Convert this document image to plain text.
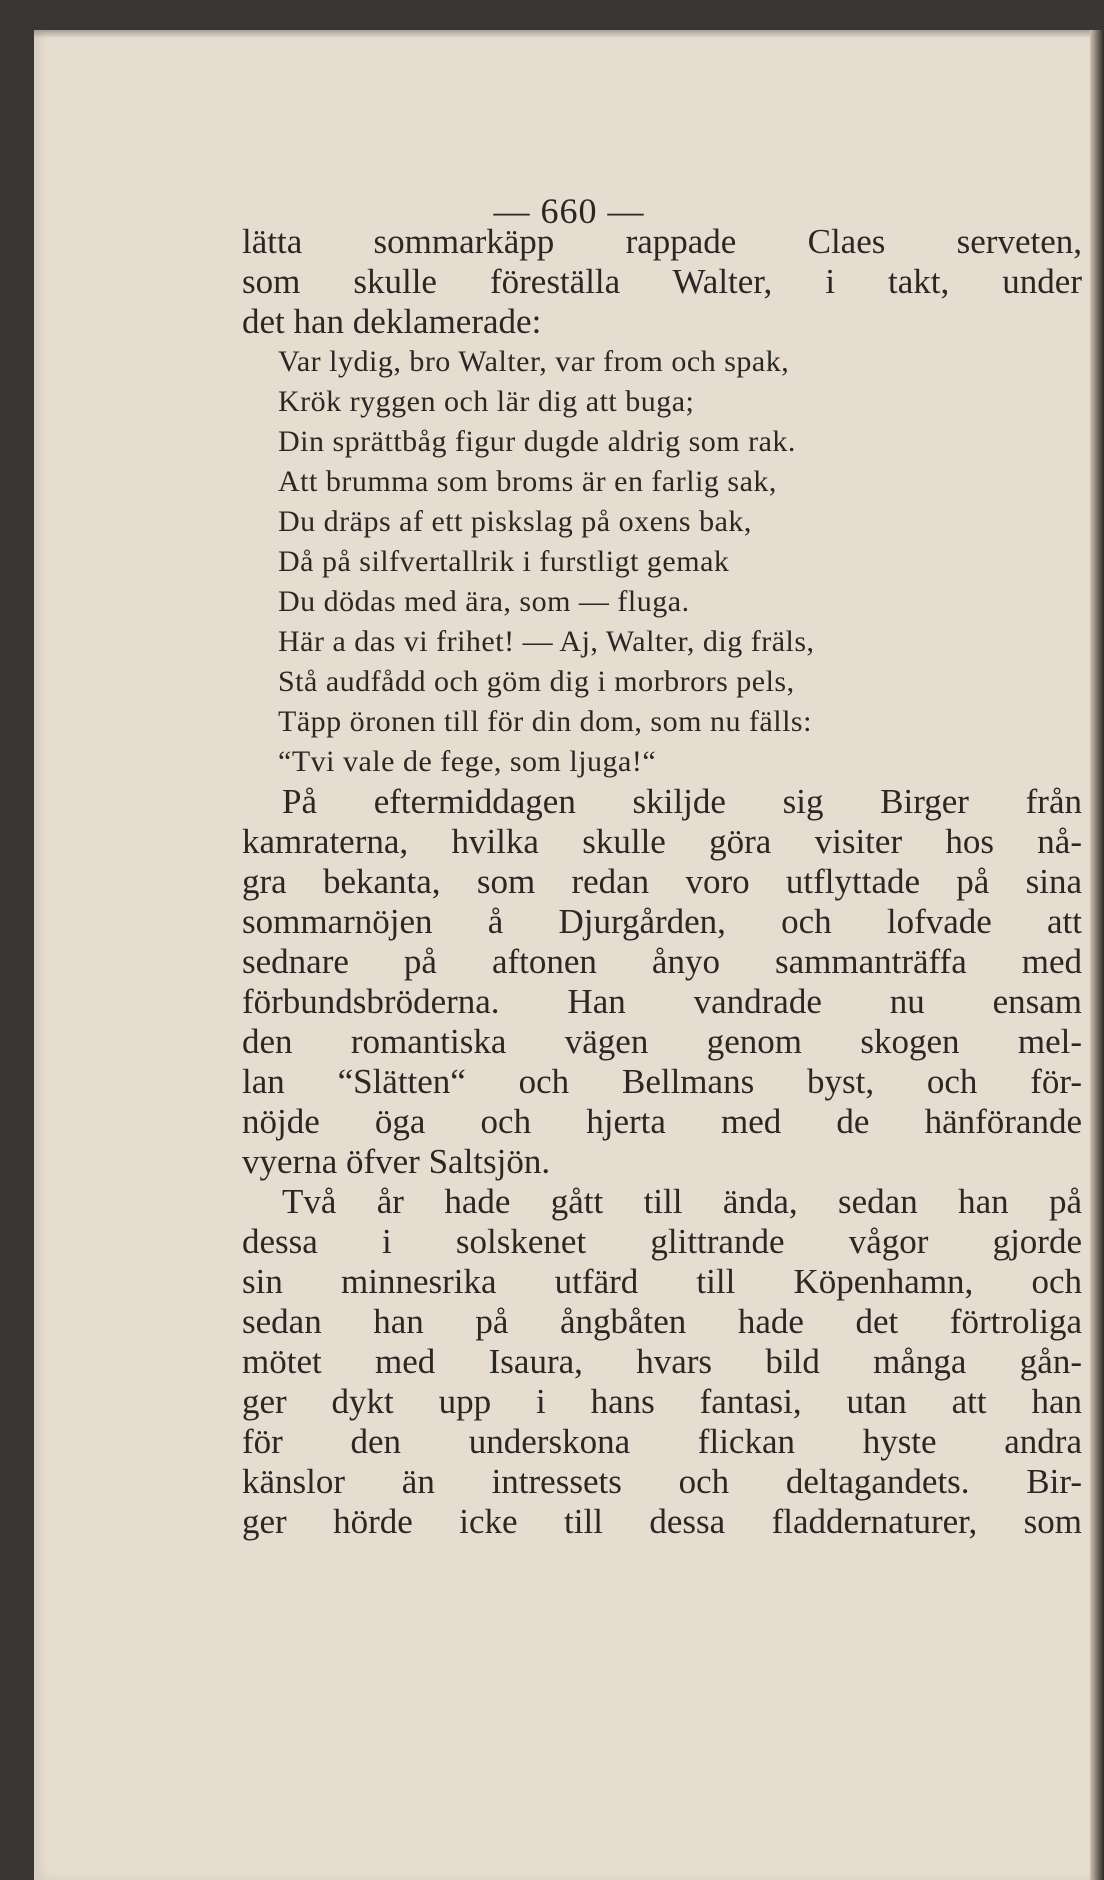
— 660 —
lätta sommarkäpp rappade Claes serveten,
som skulle föreställa Walter, i takt, under
det han deklamerade:
Var lydig, bro Walter, var from och spak,
Krök ryggen och lär dig att buga;
Din sprättbåg figur dugde aldrig som rak.
Att brumma som broms är en farlig sak,
Du dräps af ett piskslag på oxens bak,
Då på silfvertallrik i furstligt gemak
Du dödas med ära, som — fluga.
Här a das vi frihet! — Aj, Walter, dig fräls,
Stå audfådd och göm dig i morbrors pels,
Täpp öronen till för din dom, som nu fälls:
“Tvi vale de fege, som ljuga!“
På eftermiddagen skiljde sig Birger från
kamraterna, hvilka skulle göra visiter hos nå-
gra bekanta, som redan voro utflyttade på sina
sommarnöjen å Djurgården, och lofvade att
sednare på aftonen ånyo sammanträffa med
förbundsbröderna. Han vandrade nu ensam
den romantiska vägen genom skogen mel-
lan “Slätten“ och Bellmans byst, och för-
nöjde öga och hjerta med de hänförande
vyerna öfver Saltsjön.
Två år hade gått till ända, sedan han på
dessa i solskenet glittrande vågor gjorde
sin minnesrika utfärd till Köpenhamn, och
sedan han på ångbåten hade det förtroliga
mötet med Isaura, hvars bild många gån-
ger dykt upp i hans fantasi, utan att han
för den underskona flickan hyste andra
känslor än intressets och deltagandets. Bir-
ger hörde icke till dessa fladdernaturer, som
